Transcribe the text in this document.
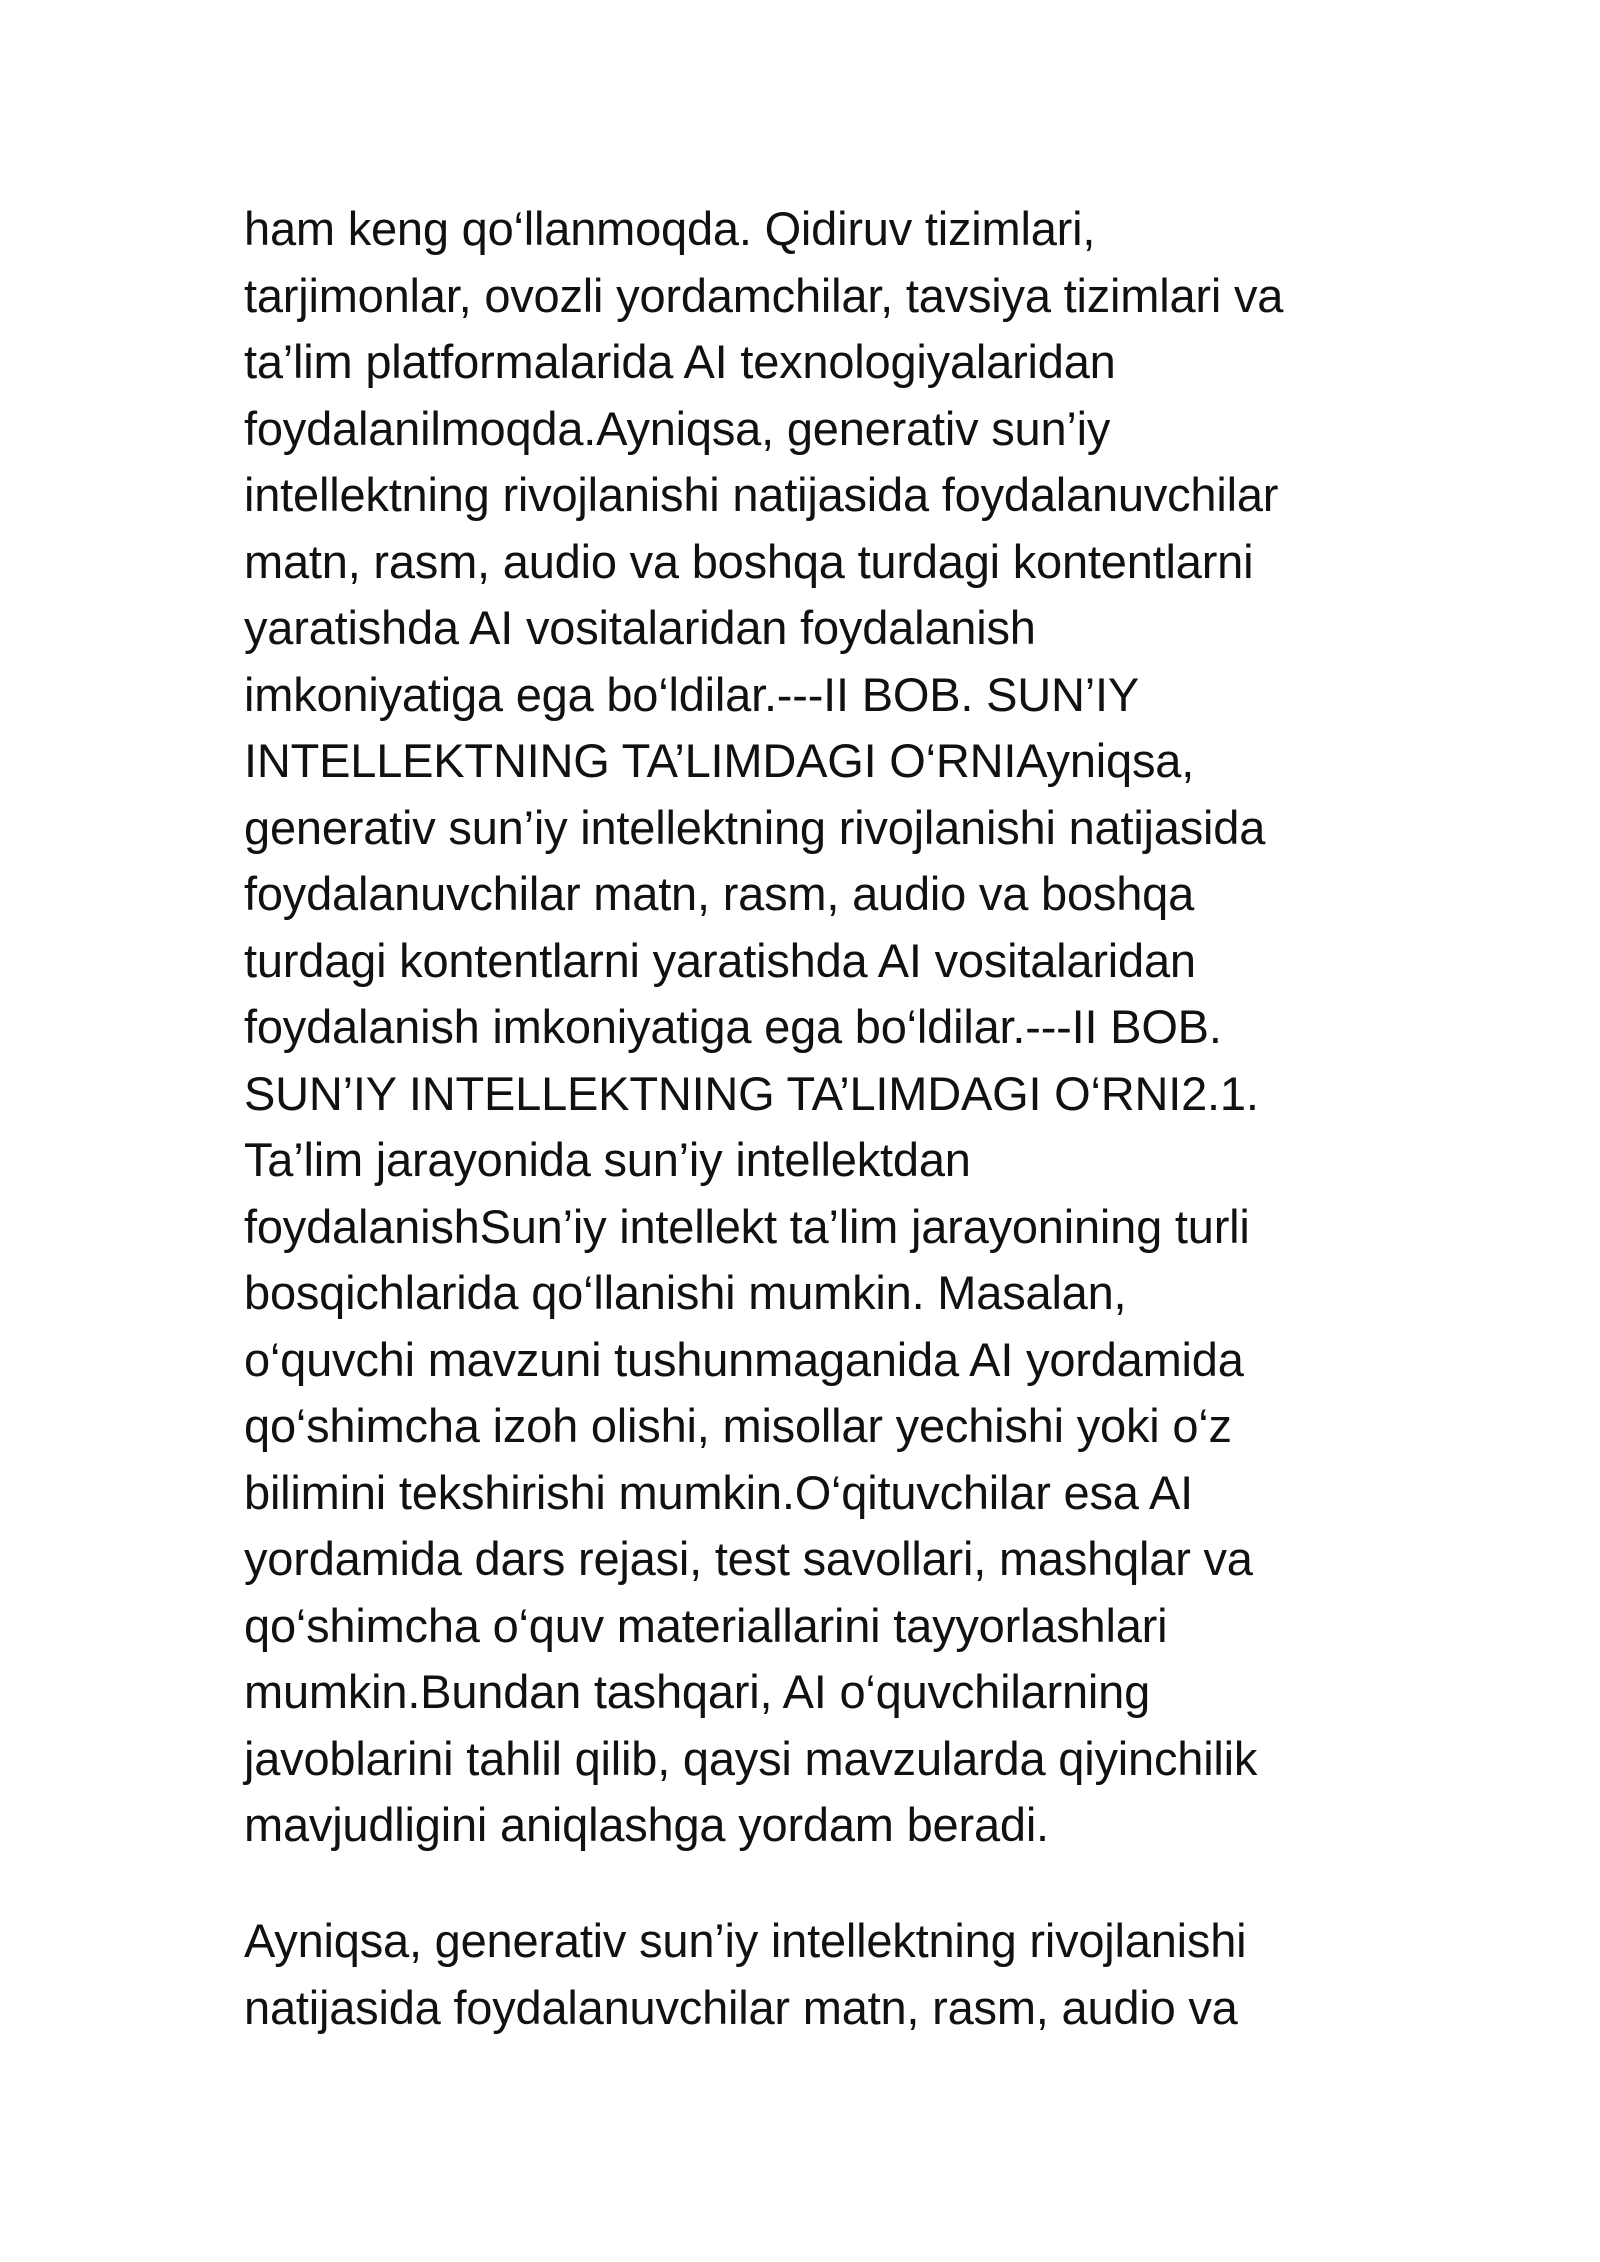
ham keng qo‘llanmoqda. Qidiruv tizimlari,
tarjimonlar, ovozli yordamchilar, tavsiya tizimlari va
ta’lim platformalarida AI texnologiyalaridan
foydalanilmoqda.Ayniqsa, generativ sun’iy
intellektning rivojlanishi natijasida foydalanuvchilar
matn, rasm, audio va boshqa turdagi kontentlarni
yaratishda AI vositalaridan foydalanish
imkoniyatiga ega bo‘ldilar.---II BOB. SUN’IY
INTELLEKTNING TA’LIMDAGI O‘RNIAyniqsa,
generativ sun’iy intellektning rivojlanishi natijasida
foydalanuvchilar matn, rasm, audio va boshqa
turdagi kontentlarni yaratishda AI vositalaridan
foydalanish imkoniyatiga ega bo‘ldilar.---II BOB.
SUN’IY INTELLEKTNING TA’LIMDAGI O‘RNI2.1.
Ta’lim jarayonida sun’iy intellektdan
foydalanishSun’iy intellekt ta’lim jarayonining turli
bosqichlarida qo‘llanishi mumkin. Masalan,
o‘quvchi mavzuni tushunmaganida AI yordamida
qo‘shimcha izoh olishi, misollar yechishi yoki o‘z
bilimini tekshirishi mumkin.O‘qituvchilar esa AI
yordamida dars rejasi, test savollari, mashqlar va
qo‘shimcha o‘quv materiallarini tayyorlashlari
mumkin.Bundan tashqari, AI o‘quvchilarning
javoblarini tahlil qilib, qaysi mavzularda qiyinchilik
mavjudligini aniqlashga yordam beradi.
Ayniqsa, generativ sun’iy intellektning rivojlanishi
natijasida foydalanuvchilar matn, rasm, audio va
